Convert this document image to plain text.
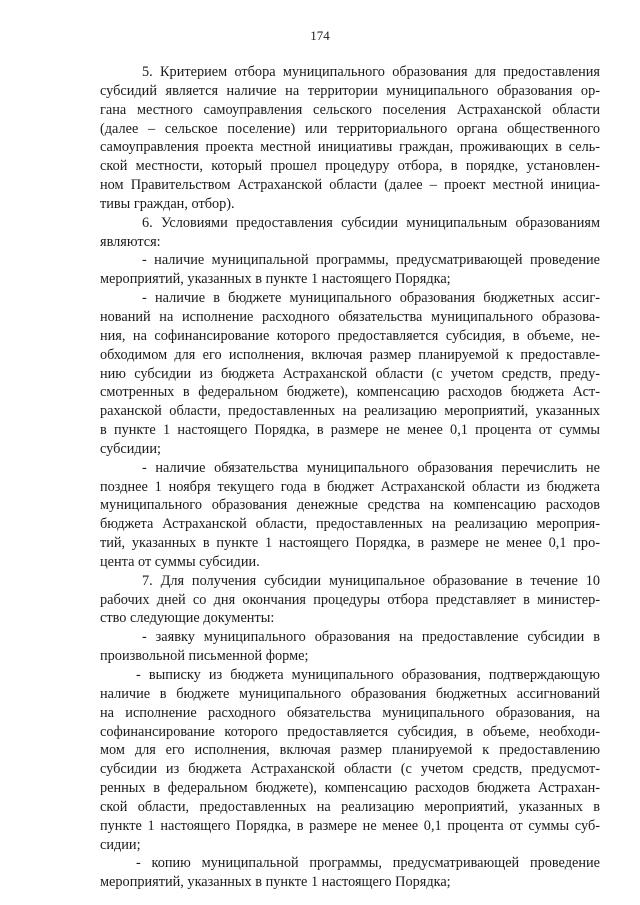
174
5. Критерием отбора муниципального образования для предоставления
субсидий является наличие на территории муниципального образования ор-
гана местного самоуправления сельского поселения Астраханской области
(далее – сельское поселение) или территориального органа общественного
самоуправления проекта местной инициативы граждан, проживающих в сель-
ской местности, который прошел процедуру отбора, в порядке, установлен-
ном Правительством Астраханской области (далее – проект местной инициа-
тивы граждан, отбор).
6. Условиями предоставления субсидии муниципальным образованиям
являются:
- наличие муниципальной программы, предусматривающей проведение
мероприятий, указанных в пункте 1 настоящего Порядка;
- наличие в бюджете муниципального образования бюджетных ассиг-
нований на исполнение расходного обязательства муниципального образова-
ния, на софинансирование которого предоставляется субсидия, в объеме, не-
обходимом для его исполнения, включая размер планируемой к предоставле-
нию субсидии из бюджета Астраханской области (с учетом средств, преду-
смотренных в федеральном бюджете), компенсацию расходов бюджета Аст-
раханской области, предоставленных на реализацию мероприятий, указанных
в пункте 1 настоящего Порядка, в размере не менее 0,1 процента от суммы
субсидии;
- наличие обязательства муниципального образования перечислить не
позднее 1 ноября текущего года в бюджет Астраханской области из бюджета
муниципального образования денежные средства на компенсацию расходов
бюджета Астраханской области, предоставленных на реализацию мероприя-
тий, указанных в пункте 1 настоящего Порядка, в размере не менее 0,1 про-
цента от суммы субсидии.
7. Для получения субсидии муниципальное образование в течение 10
рабочих дней со дня окончания процедуры отбора представляет в министер-
ство следующие документы:
- заявку муниципального образования на предоставление субсидии в
произвольной письменной форме;
- выписку из бюджета муниципального образования, подтверждающую
наличие в бюджете муниципального образования бюджетных ассигнований
на исполнение расходного обязательства муниципального образования, на
софинансирование которого предоставляется субсидия, в объеме, необходи-
мом для его исполнения, включая размер планируемой к предоставлению
субсидии из бюджета Астраханской области (с учетом средств, предусмот-
ренных в федеральном бюджете), компенсацию расходов бюджета Астрахан-
ской области, предоставленных на реализацию мероприятий, указанных в
пункте 1 настоящего Порядка, в размере не менее 0,1 процента от суммы суб-
сидии;
- копию муниципальной программы, предусматривающей проведение
мероприятий, указанных в пункте 1 настоящего Порядка;
